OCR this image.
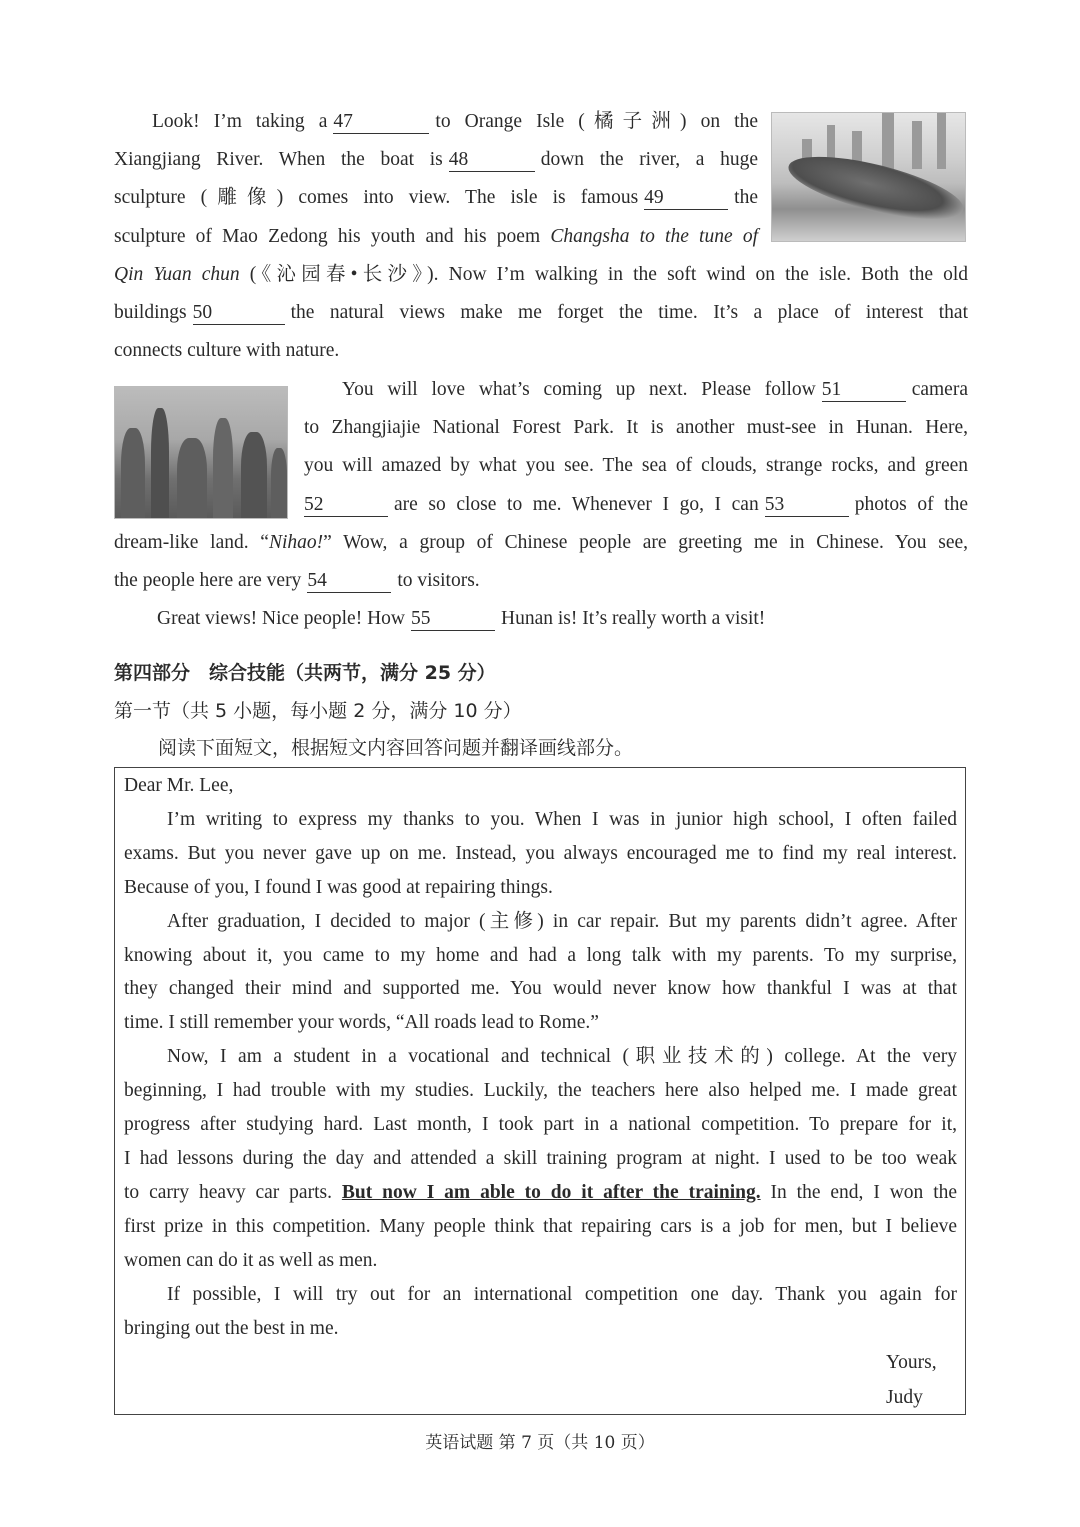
Look! I’m taking a 47	to Orange Isle (橘子洲) on the
Xiangjiang River. When the boat is 48	down the river, a huge
sculpture (雕像) comes into view. The isle is famous 49	the
sculpture of Mao Zedong his youth and his poem Changsha to the tune of

Qin Yuan chun (《沁园春•长沙》). Now I’m walking in the soft wind on the isle. Both the old
buildings 50	the natural views make me forget the time. It’s a place of interest that
connects culture with nature.

You will love what’s coming up next. Please follow 51	camera
to Zhangjiajie National Forest Park. It is another must-see in Hunan. Here,
you will amazed by what you see. The sea of clouds, strange rocks, and green
52	are so close to me. Whenever I go, I can 53	photos of the

dream-like land. “Nihao!” Wow, a group of Chinese people are greeting me in Chinese. You see,
the people here are very 54	to visitors.
Great views! Nice people! How 55	Hunan is! It’s really worth a visit!

第四部分　综合技能（共两节，满分 25 分）
第一节（共 5 小题，每小题 2 分，满分 10 分）
阅读下面短文，根据短文内容回答问题并翻译画线部分。

Dear Mr. Lee,
I’m writing to express my thanks to you. When I was in junior high school, I often failed
exams. But you never gave up on me. Instead, you always encouraged me to find my real interest.
Because of you, I found I was good at repairing things.
After graduation, I decided to major (主修) in car repair. But my parents didn’t agree. After
knowing about it, you came to my home and had a long talk with my parents. To my surprise,
they changed their mind and supported me. You would never know how thankful I was at that
time. I still remember your words, “All roads lead to Rome.”
Now, I am a student in a vocational and technical (职业技术的) college. At the very
beginning, I had trouble with my studies. Luckily, the teachers here also helped me. I made great
progress after studying hard. Last month, I took part in a national competition. To prepare for it,
I had lessons during the day and attended a skill training program at night. I used to be too weak
to carry heavy car parts. But now I am able to do it after the training. In the end, I won the
first prize in this competition. Many people think that repairing cars is a job for men, but I believe
women can do it as well as men.
If possible, I will try out for an international competition one day. Thank you again for
bringing out the best in me.

Yours,
Judy
英语试题 第 7 页（共 10 页）
